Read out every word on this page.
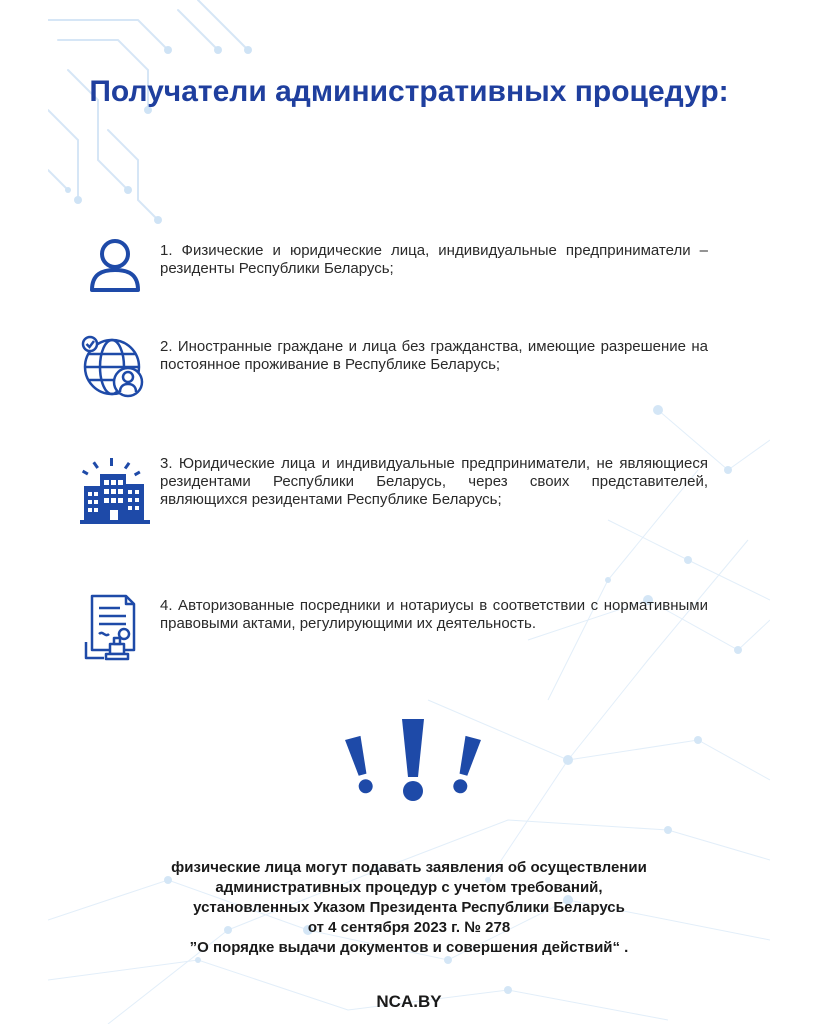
Получатели административных процедур:

1. Физические и юридические лица, индивидуальные предприниматели – резиденты Республики Беларусь;

2. Иностранные граждане и лица без гражданства, имеющие разрешение на постоянное проживание в Республике Беларусь;

3. Юридические лица и индивидуальные предприниматели, не являющиеся резидентами Республики Беларусь, через своих представителей, являющихся резидентами Республике Беларусь;

4. Авторизованные посредники и нотариусы в соответствии с нормативными правовыми актами, регулирующими их деятельность.

физические лица могут подавать заявления об осуществлении
административных процедур с учетом требований,
установленных Указом Президента Республики Беларусь
от 4 сентября 2023 г. № 278
”О порядке выдачи документов и совершения действий“ .

NCA.BY
